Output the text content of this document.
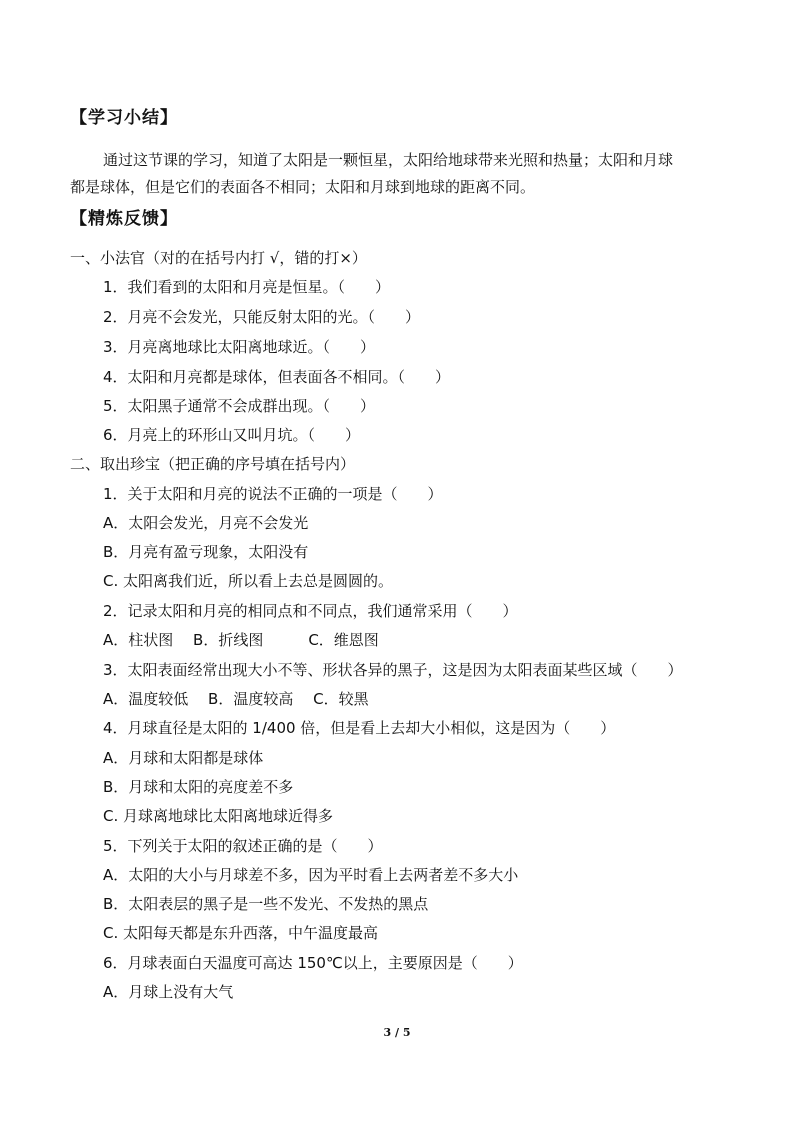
【学习小结】
通过这节课的学习，知道了太阳是一颗恒星，太阳给地球带来光照和热量；太阳和月球
都是球体，但是它们的表面各不相同；太阳和月球到地球的距离不同。
【精炼反馈】
一、小法官（对的在括号内打 √，错的打×）
1．我们看到的太阳和月亮是恒星。（　　）
2．月亮不会发光，只能反射太阳的光。（　　）
3．月亮离地球比太阳离地球近。（　　）
4．太阳和月亮都是球体，但表面各不相同。（　　）
5．太阳黑子通常不会成群出现。（　　）
6．月亮上的环形山又叫月坑。（　　）
二、取出珍宝（把正确的序号填在括号内）
1．关于太阳和月亮的说法不正确的一项是（　　）
A．太阳会发光，月亮不会发光
B．月亮有盈亏现象，太阳没有
C. 太阳离我们近，所以看上去总是圆圆的。
2．记录太阳和月亮的相同点和不同点，我们通常采用（　　）
A．柱状图　 B．折线图　　　C．维恩图
3．太阳表面经常出现大小不等、形状各异的黑子，这是因为太阳表面某些区域（　　）
A．温度较低　 B．温度较高　 C．较黑
4．月球直径是太阳的 1/400 倍，但是看上去却大小相似，这是因为（　　）
A．月球和太阳都是球体
B．月球和太阳的亮度差不多
C. 月球离地球比太阳离地球近得多
5．下列关于太阳的叙述正确的是（　　）
A．太阳的大小与月球差不多，因为平时看上去两者差不多大小
B．太阳表层的黑子是一些不发光、不发热的黑点
C. 太阳每天都是东升西落，中午温度最高
6．月球表面白天温度可高达 150℃以上，主要原因是（　　）
A．月球上没有大气
3 / 5
